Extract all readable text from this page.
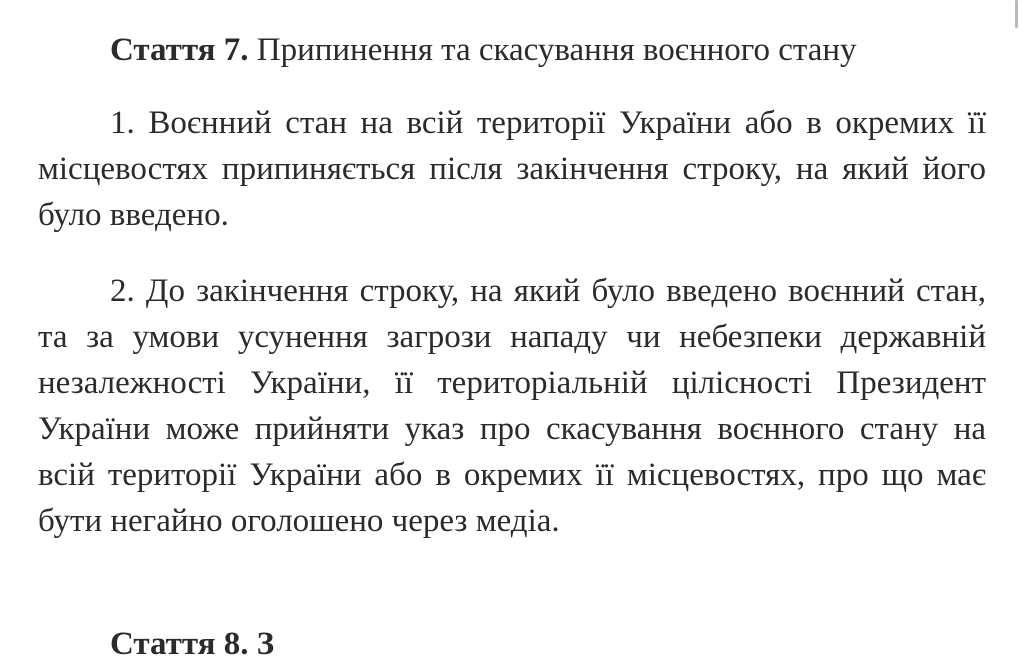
Стаття 7. Припинення та скасування воєнного стану

1. Воєнний стан на всій території України або в окремих її місцевостях припиняється після закінчення строку, на який його було введено.

2. До закінчення строку, на який було введено воєнний стан, та за умови усунення загрози нападу чи небезпеки державній незалежності України, її територіальній цілісності Президент України може прийняти указ про скасування воєнного стану на всій території України або в окремих її місцевостях, про що має бути негайно оголошено через медіа.

Стаття 8. З
